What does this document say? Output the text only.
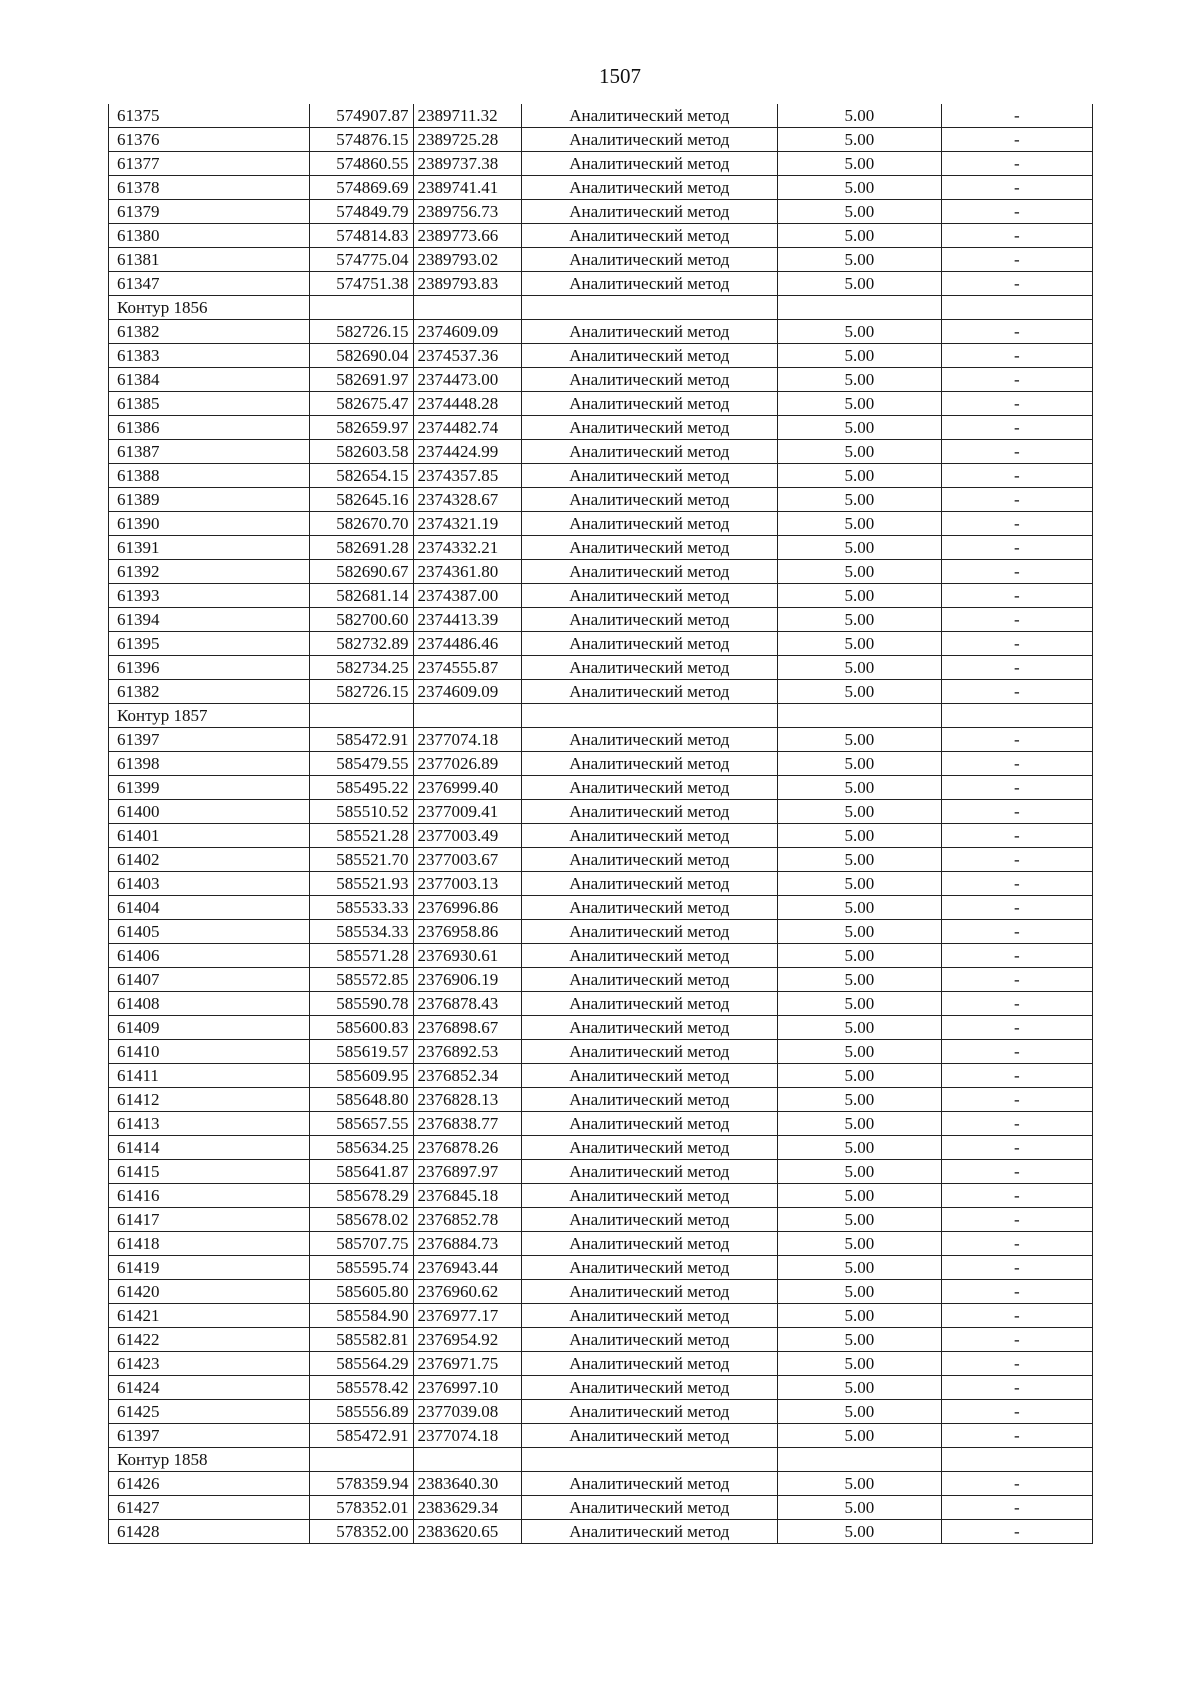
1507
61375	574907.87	2389711.32	Аналитический метод	5.00	-
61376	574876.15	2389725.28	Аналитический метод	5.00	-
61377	574860.55	2389737.38	Аналитический метод	5.00	-
61378	574869.69	2389741.41	Аналитический метод	5.00	-
61379	574849.79	2389756.73	Аналитический метод	5.00	-
61380	574814.83	2389773.66	Аналитический метод	5.00	-
61381	574775.04	2389793.02	Аналитический метод	5.00	-
61347	574751.38	2389793.83	Аналитический метод	5.00	-
Контур 1856					
61382	582726.15	2374609.09	Аналитический метод	5.00	-
61383	582690.04	2374537.36	Аналитический метод	5.00	-
61384	582691.97	2374473.00	Аналитический метод	5.00	-
61385	582675.47	2374448.28	Аналитический метод	5.00	-
61386	582659.97	2374482.74	Аналитический метод	5.00	-
61387	582603.58	2374424.99	Аналитический метод	5.00	-
61388	582654.15	2374357.85	Аналитический метод	5.00	-
61389	582645.16	2374328.67	Аналитический метод	5.00	-
61390	582670.70	2374321.19	Аналитический метод	5.00	-
61391	582691.28	2374332.21	Аналитический метод	5.00	-
61392	582690.67	2374361.80	Аналитический метод	5.00	-
61393	582681.14	2374387.00	Аналитический метод	5.00	-
61394	582700.60	2374413.39	Аналитический метод	5.00	-
61395	582732.89	2374486.46	Аналитический метод	5.00	-
61396	582734.25	2374555.87	Аналитический метод	5.00	-
61382	582726.15	2374609.09	Аналитический метод	5.00	-
Контур 1857					
61397	585472.91	2377074.18	Аналитический метод	5.00	-
61398	585479.55	2377026.89	Аналитический метод	5.00	-
61399	585495.22	2376999.40	Аналитический метод	5.00	-
61400	585510.52	2377009.41	Аналитический метод	5.00	-
61401	585521.28	2377003.49	Аналитический метод	5.00	-
61402	585521.70	2377003.67	Аналитический метод	5.00	-
61403	585521.93	2377003.13	Аналитический метод	5.00	-
61404	585533.33	2376996.86	Аналитический метод	5.00	-
61405	585534.33	2376958.86	Аналитический метод	5.00	-
61406	585571.28	2376930.61	Аналитический метод	5.00	-
61407	585572.85	2376906.19	Аналитический метод	5.00	-
61408	585590.78	2376878.43	Аналитический метод	5.00	-
61409	585600.83	2376898.67	Аналитический метод	5.00	-
61410	585619.57	2376892.53	Аналитический метод	5.00	-
61411	585609.95	2376852.34	Аналитический метод	5.00	-
61412	585648.80	2376828.13	Аналитический метод	5.00	-
61413	585657.55	2376838.77	Аналитический метод	5.00	-
61414	585634.25	2376878.26	Аналитический метод	5.00	-
61415	585641.87	2376897.97	Аналитический метод	5.00	-
61416	585678.29	2376845.18	Аналитический метод	5.00	-
61417	585678.02	2376852.78	Аналитический метод	5.00	-
61418	585707.75	2376884.73	Аналитический метод	5.00	-
61419	585595.74	2376943.44	Аналитический метод	5.00	-
61420	585605.80	2376960.62	Аналитический метод	5.00	-
61421	585584.90	2376977.17	Аналитический метод	5.00	-
61422	585582.81	2376954.92	Аналитический метод	5.00	-
61423	585564.29	2376971.75	Аналитический метод	5.00	-
61424	585578.42	2376997.10	Аналитический метод	5.00	-
61425	585556.89	2377039.08	Аналитический метод	5.00	-
61397	585472.91	2377074.18	Аналитический метод	5.00	-
Контур 1858					
61426	578359.94	2383640.30	Аналитический метод	5.00	-
61427	578352.01	2383629.34	Аналитический метод	5.00	-
61428	578352.00	2383620.65	Аналитический метод	5.00	-
